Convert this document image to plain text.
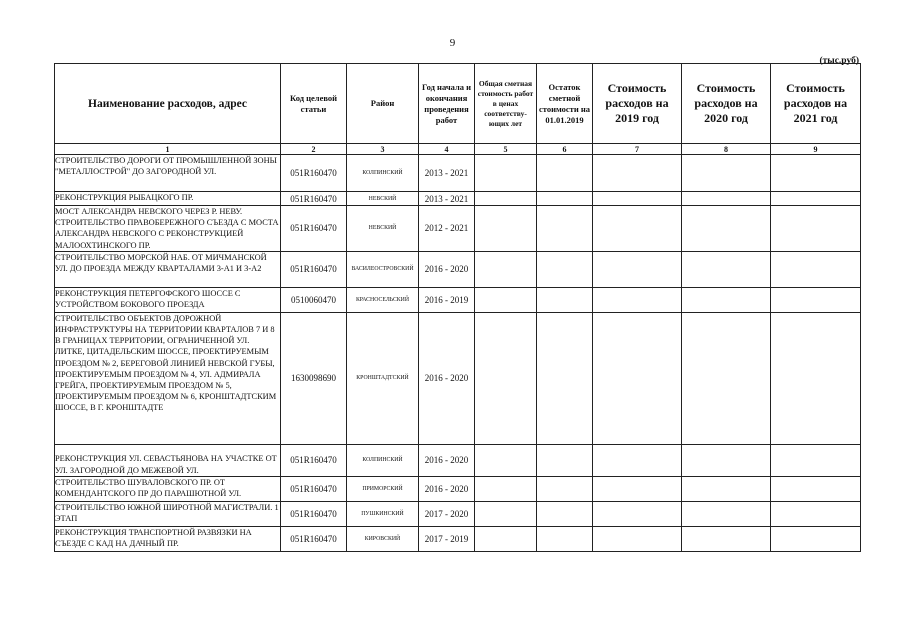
9
(тыс.руб)
Наименование расходов, адрес	Код целевой статьи	Район	Год начала и окончания проведения работ	Общая сметная стоимость работ в ценах соответству-ющих лет	Остаток сметной стоимости на 01.01.2019	Стоимость расходов на 2019 год	Стоимость расходов на 2020 год	Стоимость расходов на 2021 год
1	2	3	4	5	6	7	8	9
СТРОИТЕЛЬСТВО ДОРОГИ ОТ ПРОМЫШЛЕННОЙ ЗОНЫ "МЕТАЛЛОСТРОЙ" ДО ЗАГОРОДНОЙ УЛ.	051R160470	КОЛПИНСКИЙ	2013 - 2021					
РЕКОНСТРУКЦИЯ РЫБАЦКОГО ПР.	051R160470	НЕВСКИЙ	2013 - 2021					
МОСТ АЛЕКСАНДРА НЕВСКОГО ЧЕРЕЗ Р. НЕВУ. СТРОИТЕЛЬСТВО ПРАВОБЕРЕЖНОГО СЪЕЗДА С МОСТА АЛЕКСАНДРА НЕВСКОГО С РЕКОНСТРУКЦИЕЙ МАЛООХТИНСКОГО ПР.	051R160470	НЕВСКИЙ	2012 - 2021					
СТРОИТЕЛЬСТВО МОРСКОЙ НАБ. ОТ МИЧМАНСКОЙ УЛ. ДО ПРОЕЗДА МЕЖДУ КВАРТАЛАМИ 3-А1 И 3-А2	051R160470	ВАСИЛЕОСТРОВСКИЙ	2016 - 2020					
РЕКОНСТРУКЦИЯ ПЕТЕРГОФСКОГО ШОССЕ С УСТРОЙСТВОМ БОКОВОГО ПРОЕЗДА	0510060470	КРАСНОСЕЛЬСКИЙ	2016 - 2019					
СТРОИТЕЛЬСТВО ОБЪЕКТОВ ДОРОЖНОЙ ИНФРАСТРУКТУРЫ НА ТЕРРИТОРИИ КВАРТАЛОВ 7 И 8 В ГРАНИЦАХ ТЕРРИТОРИИ, ОГРАНИЧЕННОЙ УЛ. ЛИТКЕ, ЦИТАДЕЛЬСКИМ ШОССЕ, ПРОЕКТИРУЕМЫМ ПРОЕЗДОМ № 2, БЕРЕГОВОЙ ЛИНИЕЙ НЕВСКОЙ ГУБЫ, ПРОЕКТИРУЕМЫМ ПРОЕЗДОМ № 4, УЛ. АДМИРАЛА ГРЕЙГА, ПРОЕКТИРУЕМЫМ ПРОЕЗДОМ № 5, ПРОЕКТИРУЕМЫМ ПРОЕЗДОМ № 6, КРОНШТАДТСКИМ ШОССЕ, В Г. КРОНШТАДТЕ	1630098690	КРОНШТАДТСКИЙ	2016 - 2020					
РЕКОНСТРУКЦИЯ УЛ. СЕВАСТЬЯНОВА НА УЧАСТКЕ ОТ УЛ. ЗАГОРОДНОЙ ДО МЕЖЕВОЙ УЛ.	051R160470	КОЛПИНСКИЙ	2016 - 2020					
СТРОИТЕЛЬСТВО ШУВАЛОВСКОГО ПР. ОТ КОМЕНДАНТСКОГО ПР ДО ПАРАШЮТНОЙ УЛ.	051R160470	ПРИМОРСКИЙ	2016 - 2020					
СТРОИТЕЛЬСТВО ЮЖНОЙ ШИРОТНОЙ МАГИСТРАЛИ. 1 ЭТАП	051R160470	ПУШКИНСКИЙ	2017 - 2020					
РЕКОНСТРУКЦИЯ ТРАНСПОРТНОЙ РАЗВЯЗКИ НА СЪЕЗДЕ С КАД НА ДАЧНЫЙ ПР.	051R160470	КИРОВСКИЙ	2017 - 2019					
